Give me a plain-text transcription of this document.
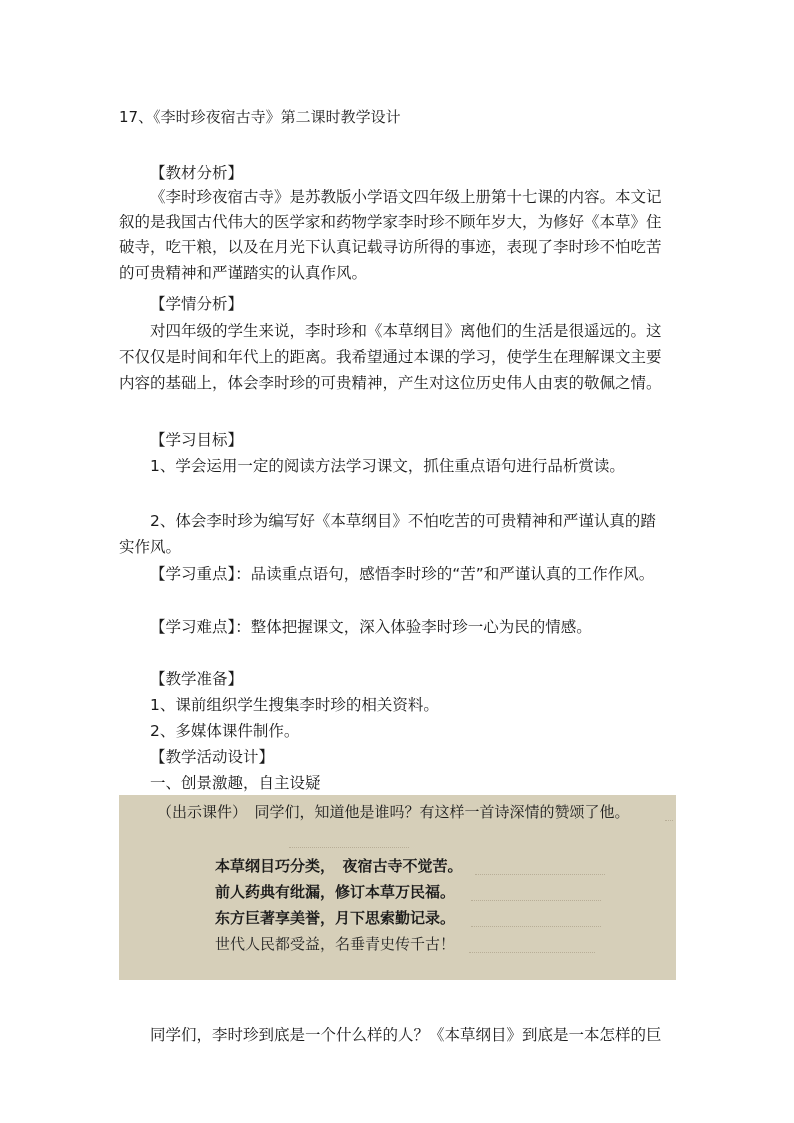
17、《李时珍夜宿古寺》第二课时教学设计
【教材分析】
《李时珍夜宿古寺》是苏教版小学语文四年级上册第十七课的内容。本文记
叙的是我国古代伟大的医学家和药物学家李时珍不顾年岁大，为修好《本草》住
破寺，吃干粮，以及在月光下认真记载寻访所得的事迹，表现了李时珍不怕吃苦
的可贵精神和严谨踏实的认真作风。
【学情分析】
对四年级的学生来说，李时珍和《本草纲目》离他们的生活是很遥远的。这
不仅仅是时间和年代上的距离。我希望通过本课的学习，使学生在理解课文主要
内容的基础上，体会李时珍的可贵精神，产生对这位历史伟人由衷的敬佩之情。
【学习目标】
1、学会运用一定的阅读方法学习课文，抓住重点语句进行品析赏读。
2、体会李时珍为编写好《本草纲目》不怕吃苦的可贵精神和严谨认真的踏
实作风。
【学习重点】：品读重点语句，感悟李时珍的“苦”和严谨认真的工作作风。
【学习难点】：整体把握课文，深入体验李时珍一心为民的情感。
【教学准备】
1、课前组织学生搜集李时珍的相关资料。
2、多媒体课件制作。
【教学活动设计】
一、创景激趣，自主设疑
（出示课件）　同学们，知道他是谁吗？有这样一首诗深情的赞颂了他。
本草纲目巧分类，　夜宿古寺不觉苦。
前人药典有纰漏，修订本草万民福。
东方巨著享美誉，月下思索勤记录。
世代人民都受益，名垂青史传千古！
同学们，李时珍到底是一个什么样的人？《本草纲目》到底是一本怎样的巨
